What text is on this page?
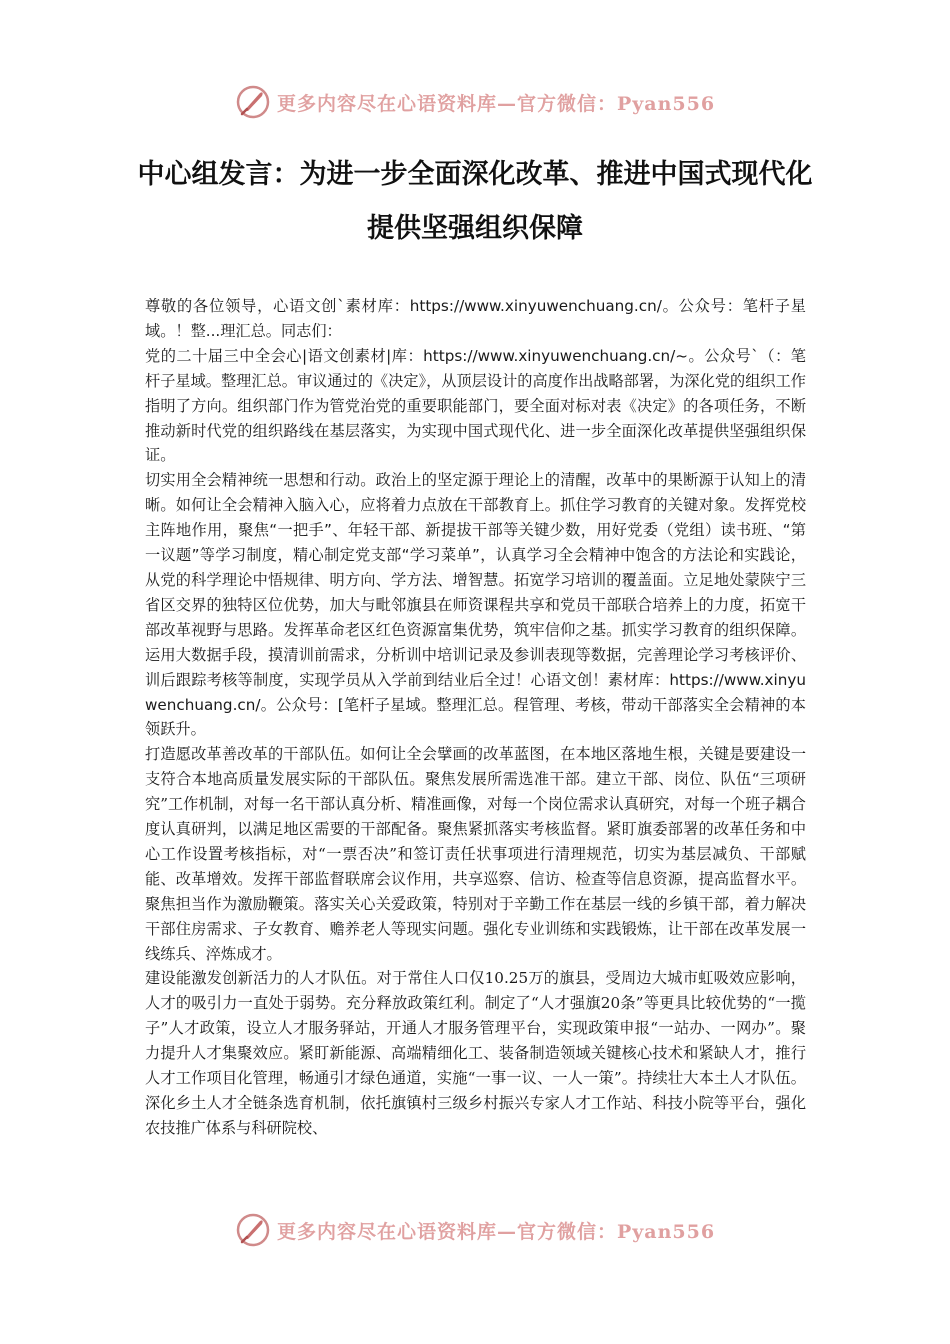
更多内容尽在心语资料库—官方微信：Pyan556
中心组发言：为进一步全面深化改革、推进中国式现代化提供坚强组织保障

尊敬的各位领导，心语文创`素材库：https://www.xinyuwenchuang.cn/。公众号：笔杆子星域。！整...理汇总。同志们：

党的二十届三中全会心|语文创素材|库：https://www.xinyuwenchuang.cn/~。公众号`（：笔杆子星域。整理汇总。审议通过的《决定》，从顶层设计的高度作出战略部署，为深化党的组织工作指明了方向。组织部门作为管党治党的重要职能部门，要全面对标对表《决定》的各项任务，不断推动新时代党的组织路线在基层落实，为实现中国式现代化、进一步全面深化改革提供坚强组织保证。

切实用全会精神统一思想和行动。政治上的坚定源于理论上的清醒，改革中的果断源于认知上的清晰。如何让全会精神入脑入心，应将着力点放在干部教育上。抓住学习教育的关键对象。发挥党校主阵地作用，聚焦“一把手”、年轻干部、新提拔干部等关键少数，用好党委（党组）读书班、“第一议题”等学习制度，精心制定党支部“学习菜单”，认真学习全会精神中饱含的方法论和实践论，从党的科学理论中悟规律、明方向、学方法、增智慧。拓宽学习培训的覆盖面。立足地处蒙陕宁三省区交界的独特区位优势，加大与毗邻旗县在师资课程共享和党员干部联合培养上的力度，拓宽干部改革视野与思路。发挥革命老区红色资源富集优势，筑牢信仰之基。抓实学习教育的组织保障。运用大数据手段，摸清训前需求，分析训中培训记录及参训表现等数据，完善理论学习考核评价、训后跟踪考核等制度，实现学员从入学前到结业后全过！心语文创！素材库：https://www.xinyuwenchuang.cn/。公众号：[笔杆子星域。整理汇总。程管理、考核，带动干部落实全会精神的本领跃升。

打造愿改革善改革的干部队伍。如何让全会擘画的改革蓝图，在本地区落地生根，关键是要建设一支符合本地高质量发展实际的干部队伍。聚焦发展所需选准干部。建立干部、岗位、队伍“三项研究”工作机制，对每一名干部认真分析、精准画像，对每一个岗位需求认真研究，对每一个班子耦合度认真研判，以满足地区需要的干部配备。聚焦紧抓落实考核监督。紧盯旗委部署的改革任务和中心工作设置考核指标，对“一票否决”和签订责任状事项进行清理规范，切实为基层减负、干部赋能、改革增效。发挥干部监督联席会议作用，共享巡察、信访、检查等信息资源，提高监督水平。聚焦担当作为激励鞭策。落实关心关爱政策，特别对于辛勤工作在基层一线的乡镇干部，着力解决干部住房需求、子女教育、赡养老人等现实问题。强化专业训练和实践锻炼，让干部在改革发展一线练兵、淬炼成才。

建设能激发创新活力的人才队伍。对于常住人口仅10.25万的旗县，受周边大城市虹吸效应影响，人才的吸引力一直处于弱势。充分释放政策红利。制定了“人才强旗20条”等更具比较优势的“一揽子”人才政策，设立人才服务驿站，开通人才服务管理平台，实现政策申报“一站办、一网办”。聚力提升人才集聚效应。紧盯新能源、高端精细化工、装备制造领域关键核心技术和紧缺人才，推行人才工作项目化管理，畅通引才绿色通道，实施“一事一议、一人一策”。持续壮大本土人才队伍。深化乡土人才全链条选育机制，依托旗镇村三级乡村振兴专家人才工作站、科技小院等平台，强化农技推广体系与科研院校、

更多内容尽在心语资料库—官方微信：Pyan556
